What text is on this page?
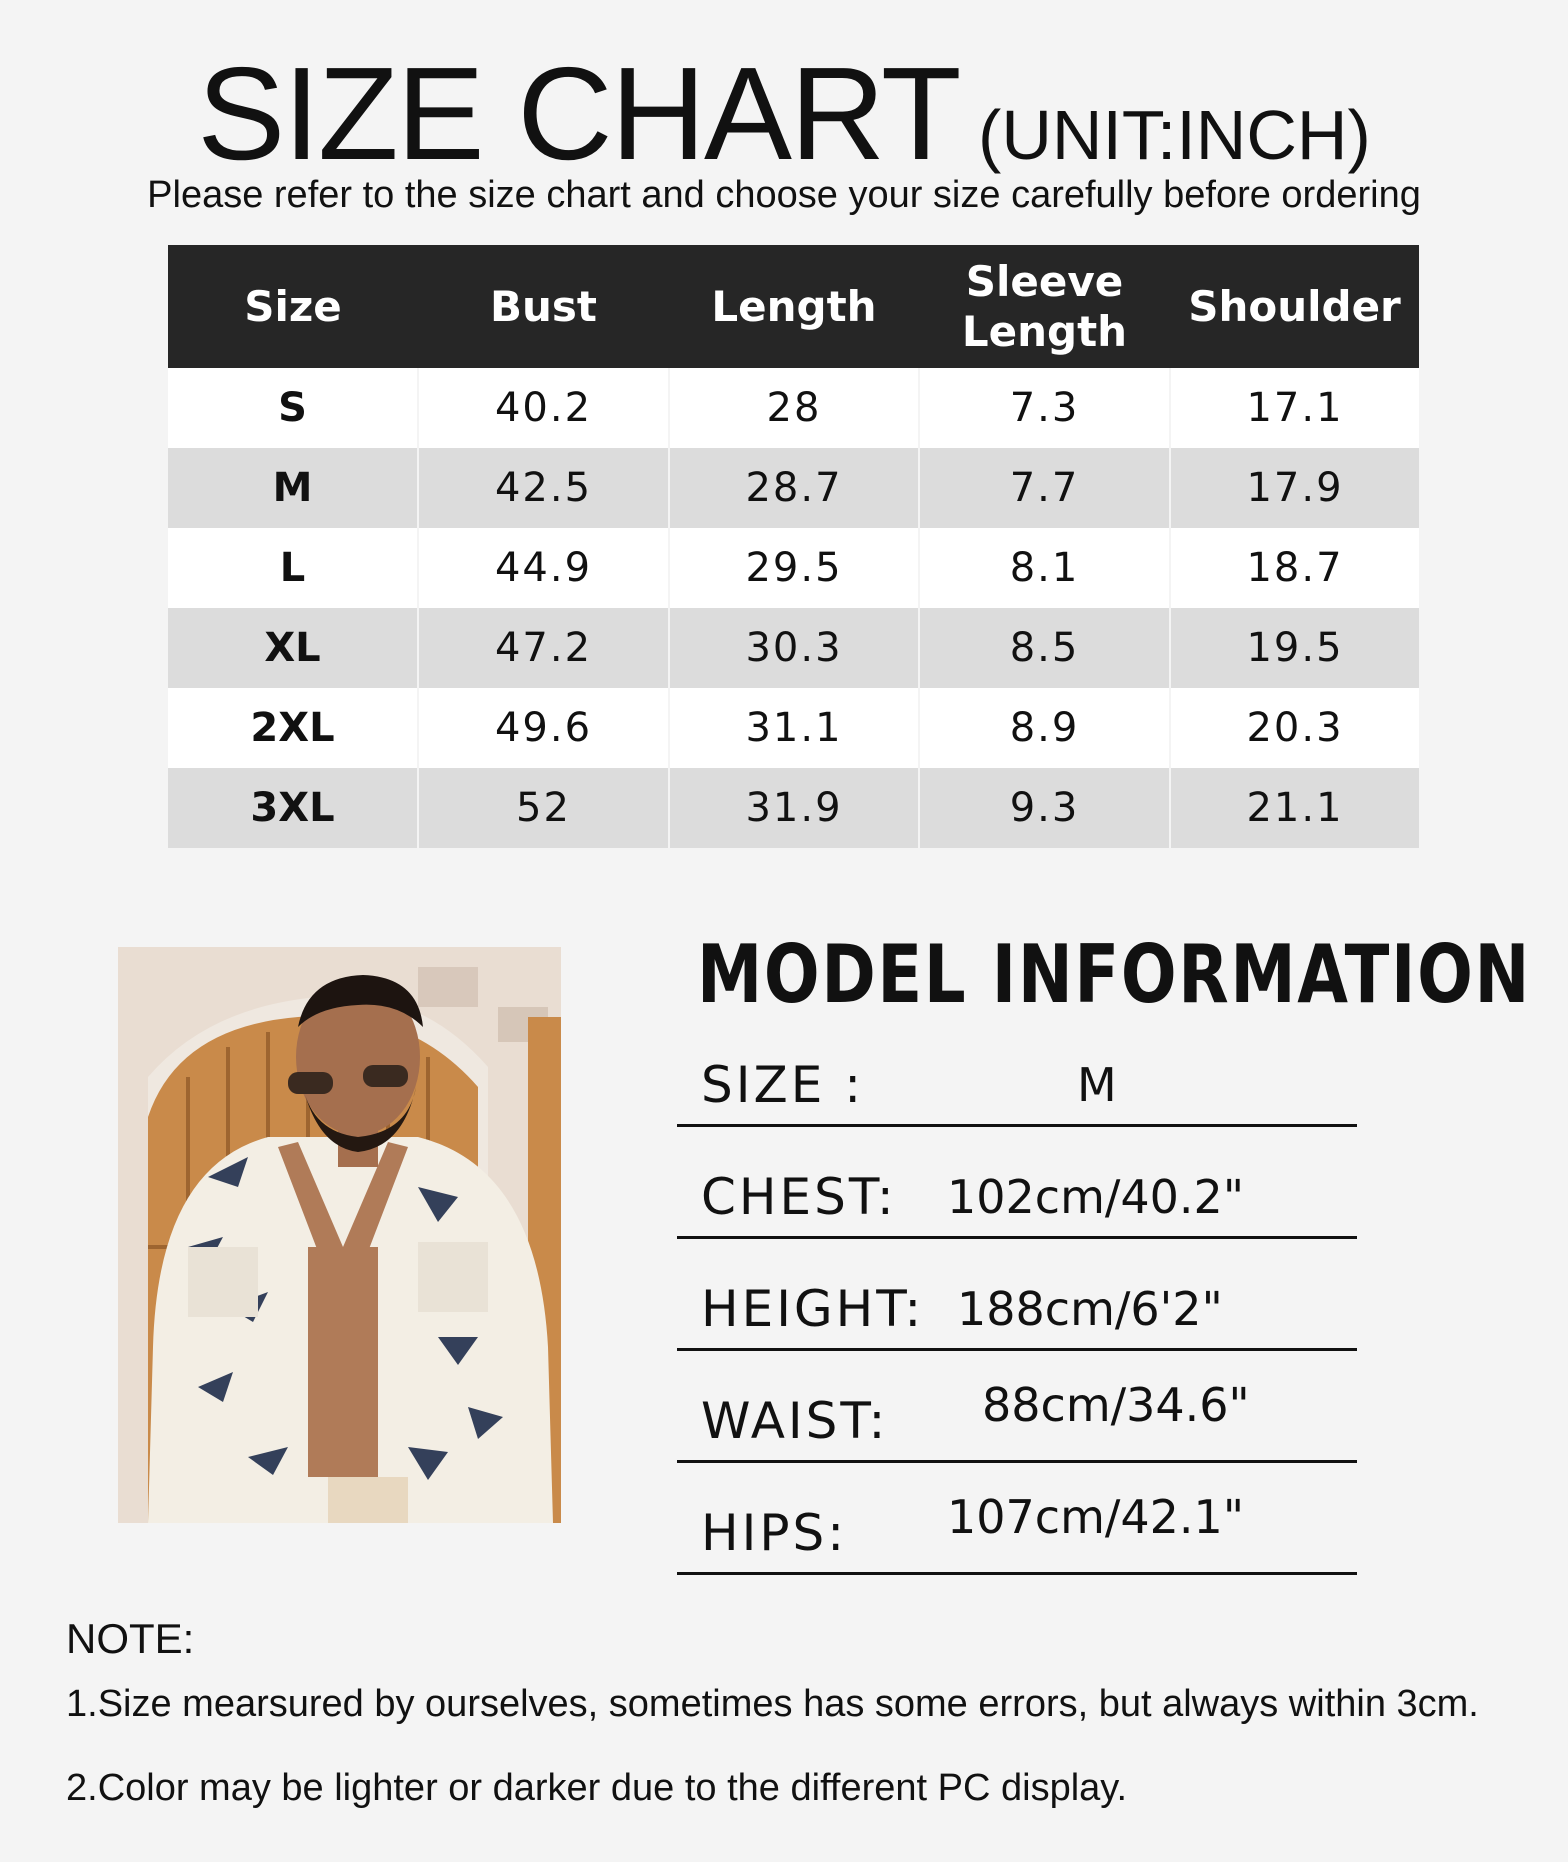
SIZE CHART (UNIT:INCH)
Please refer to the size chart and choose your size carefully before ordering
Size	Bust	Length	Sleeve Length	Shoulder
S	40.2	28	7.3	17.1
M	42.5	28.7	7.7	17.9
L	44.9	29.5	8.1	18.7
XL	47.2	30.3	8.5	19.5
2XL	49.6	31.1	8.9	20.3
3XL	52	31.9	9.3	21.1
MODEL INFORMATION
SIZE :	M
CHEST: 102cm/40.2"
HEIGHT: 188cm/6'2"
WAIST: 88cm/34.6"
HIPS: 107cm/42.1"
NOTE:
1.Size mearsured by ourselves, sometimes has some errors, but always within 3cm.
2.Color may be lighter or darker due to the different PC display.
